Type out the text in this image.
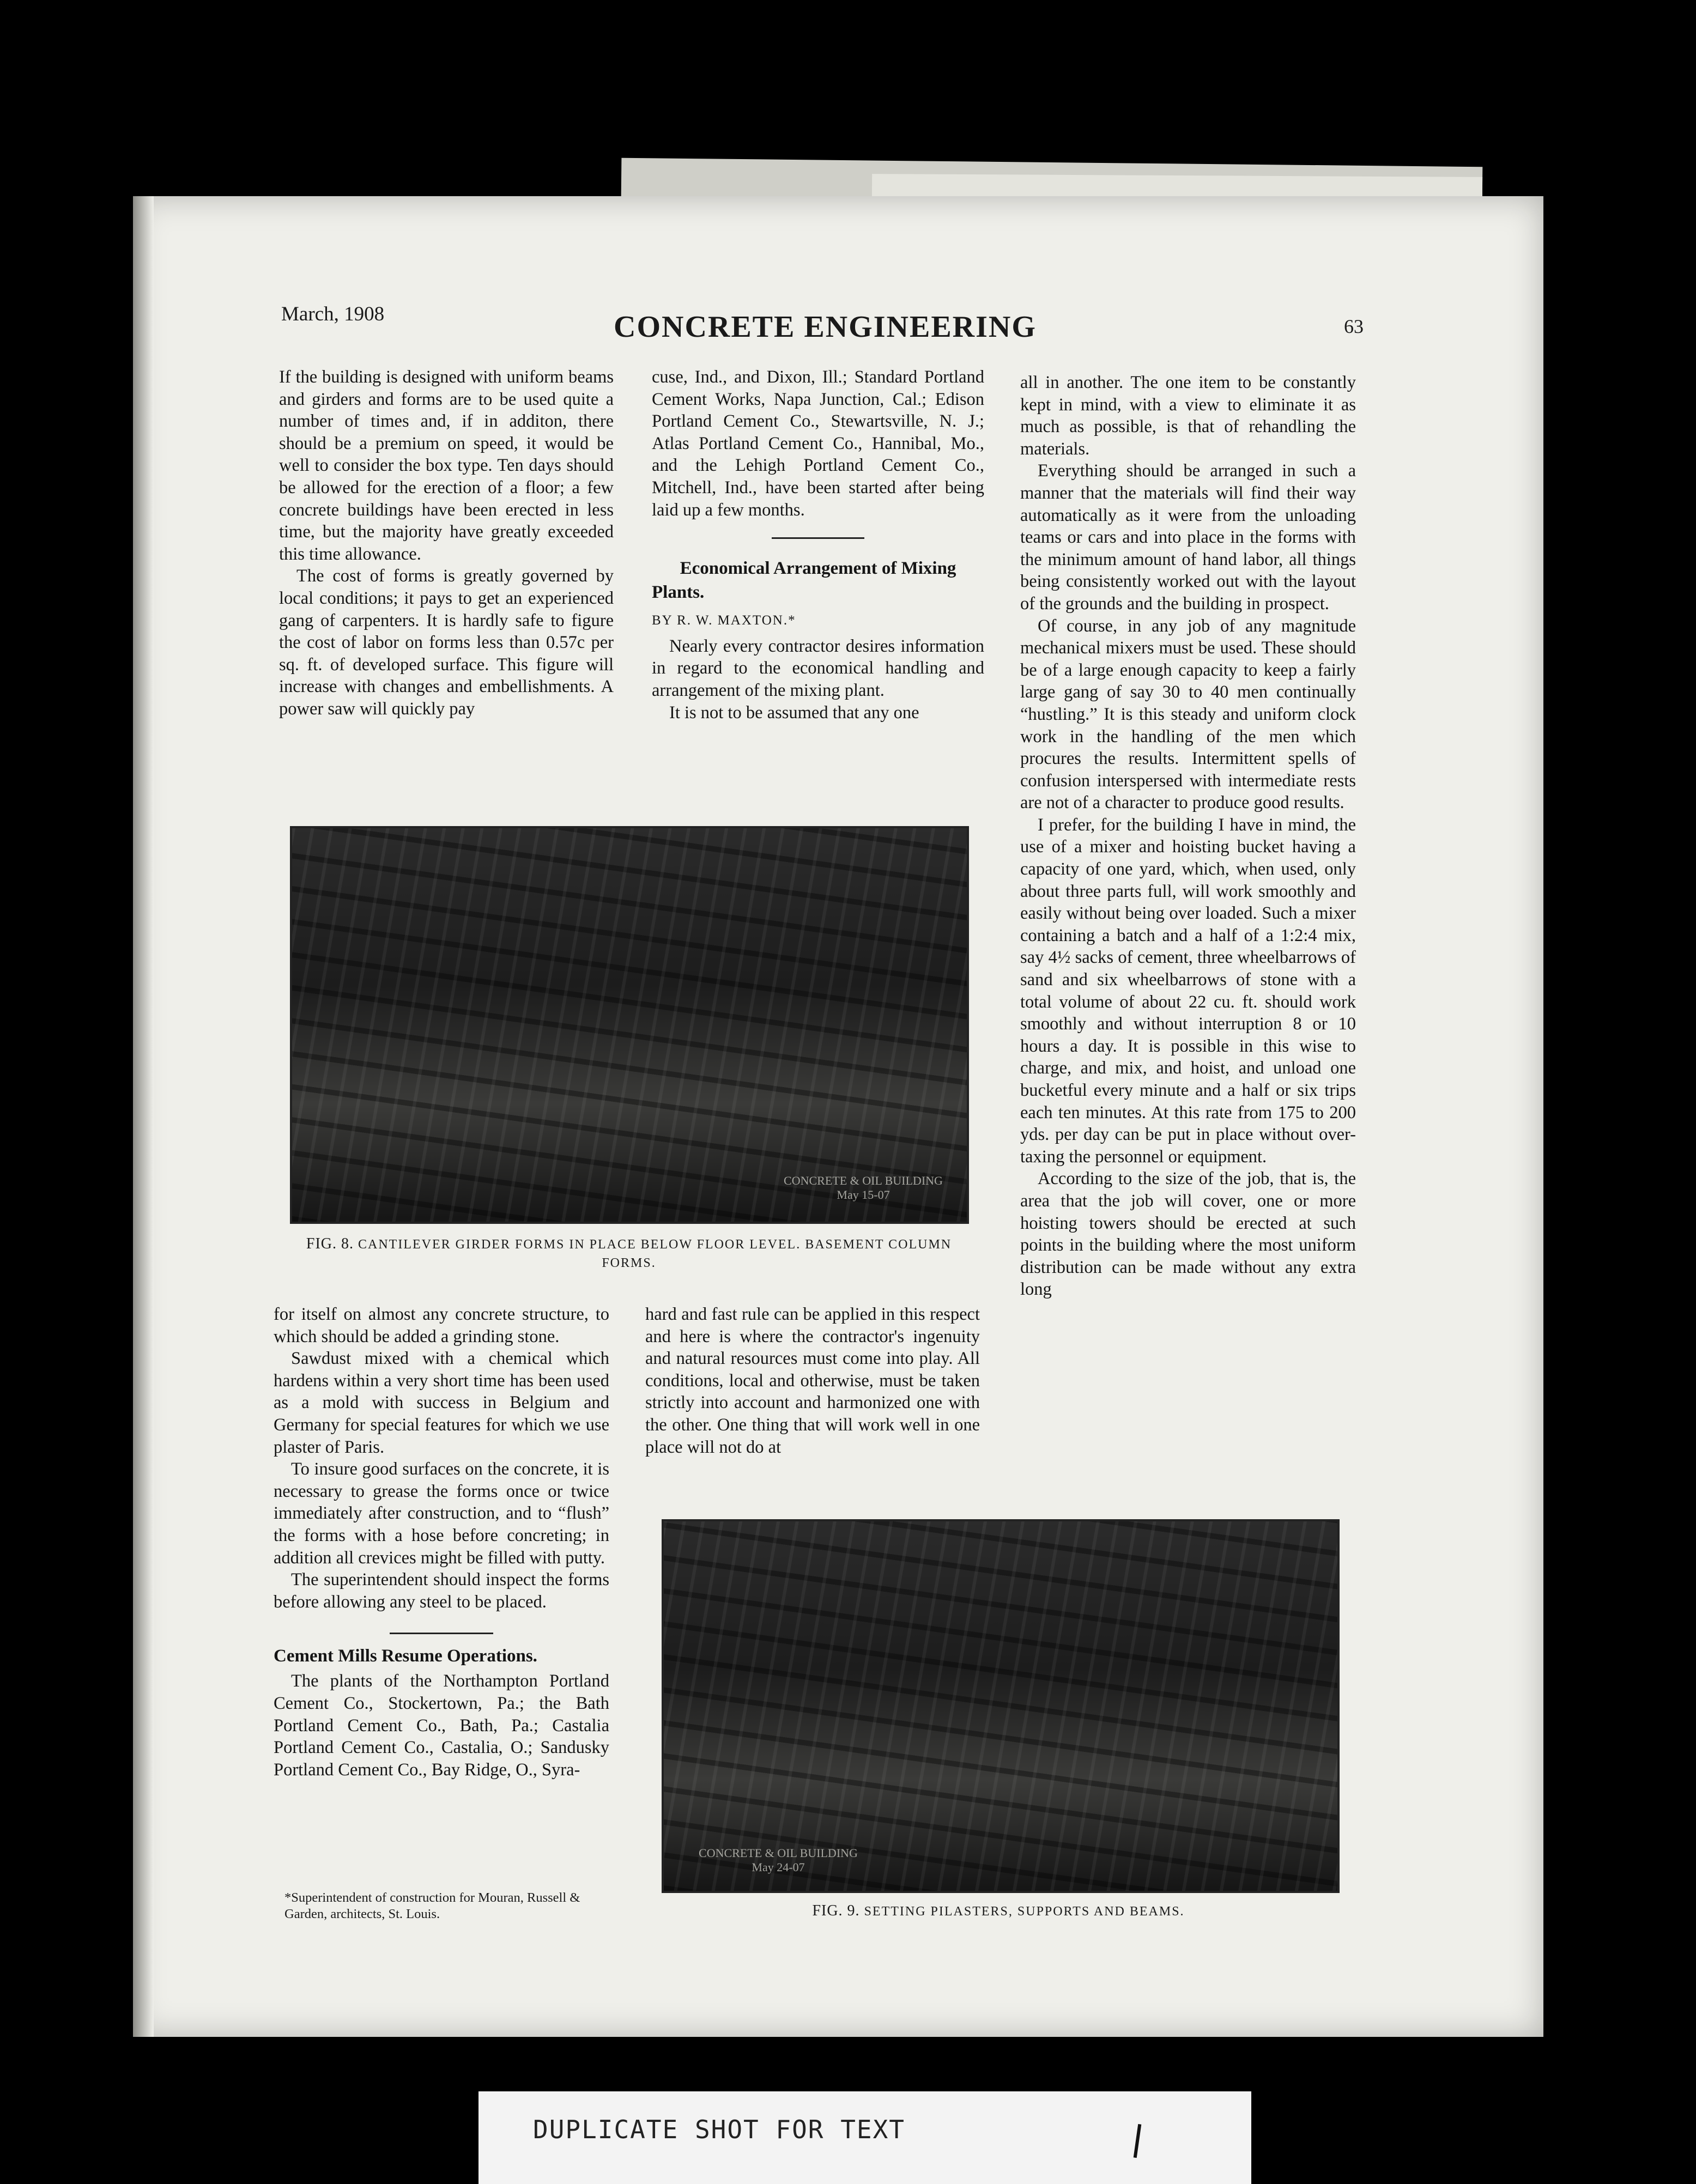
March, 1908	CONCRETE ENGINEERING	63

If the building is designed with uniform beams and girders and forms are to be used quite a number of times and, if in additon, there should be a premium on speed, it would be well to consider the box type. Ten days should be allowed for the erection of a floor; a few concrete buildings have been erected in less time, but the majority have greatly exceeded this time allowance.

The cost of forms is greatly governed by local conditions; it pays to get an experienced gang of carpenters. It is hardly safe to figure the cost of labor on forms less than 0.57c per sq. ft. of developed surface. This figure will increase with changes and embellishments. A power saw will quickly pay

cuse, Ind., and Dixon, Ill.; Standard Portland Cement Works, Napa Junction, Cal.; Edison Portland Cement Co., Stewartsville, N. J.; Atlas Portland Cement Co., Hannibal, Mo., and the Lehigh Portland Cement Co., Mitchell, Ind., have been started after being laid up a few months.

Economical Arrangement of Mixing Plants.
BY R. W. MAXTON.*

Nearly every contractor desires information in regard to the economical handling and arrangement of the mixing plant.

It is not to be assumed that any one

all in another. The one item to be constantly kept in mind, with a view to eliminate it as much as possible, is that of rehandling the materials.

Everything should be arranged in such a manner that the materials will find their way automatically as it were from the unloading teams or cars and into place in the forms with the minimum amount of hand labor, all things being consistently worked out with the layout of the grounds and the building in prospect.

Of course, in any job of any magnitude mechanical mixers must be used. These should be of a large enough capacity to keep a fairly large gang of say 30 to 40 men continually “hustling.” It is this steady and uniform clock work in the handling of the men which procures the results. Intermittent spells of confusion interspersed with intermediate rests are not of a character to produce good results.

I prefer, for the building I have in mind, the use of a mixer and hoisting bucket having a capacity of one yard, which, when used, only about three parts full, will work smoothly and easily without being over loaded. Such a mixer containing a batch and a half of a 1:2:4 mix, say 4½ sacks of cement, three wheelbarrows of sand and six wheelbarrows of stone with a total volume of about 22 cu. ft. should work smoothly and without interruption 8 or 10 hours a day. It is possible in this wise to charge, and mix, and hoist, and unload one bucketful every minute and a half or six trips each ten minutes. At this rate from 175 to 200 yds. per day can be put in place without over-taxing the personnel or equipment.

According to the size of the job, that is, the area that the job will cover, one or more hoisting towers should be erected at such points in the building where the most uniform distribution can be made without any extra long

CONCRETE & OIL BUILDING
May 15-07
FIG. 8. CANTILEVER GIRDER FORMS IN PLACE BELOW FLOOR LEVEL. BASEMENT COLUMN FORMS.

for itself on almost any concrete structure, to which should be added a grinding stone.

Sawdust mixed with a chemical which hardens within a very short time has been used as a mold with success in Belgium and Germany for special features for which we use plaster of Paris.

To insure good surfaces on the concrete, it is necessary to grease the forms once or twice immediately after construction, and to “flush” the forms with a hose before concreting; in addition all crevices might be filled with putty.

The superintendent should inspect the forms before allowing any steel to be placed.

Cement Mills Resume Operations.

The plants of the Northampton Portland Cement Co., Stockertown, Pa.; the Bath Portland Cement Co., Bath, Pa.; Castalia Portland Cement Co., Castalia, O.; Sandusky Portland Cement Co., Bay Ridge, O., Syra-

hard and fast rule can be applied in this respect and here is where the contractor's ingenuity and natural resources must come into play. All conditions, local and otherwise, must be taken strictly into account and harmonized one with the other. One thing that will work well in one place will not do at

CONCRETE & OIL BUILDING
May 24-07
FIG. 9. SETTING PILASTERS, SUPPORTS AND BEAMS.
*Superintendent of construction for Mouran, Russell & Garden, architects, St. Louis.
DUPLICATE SHOT FOR TEXT
